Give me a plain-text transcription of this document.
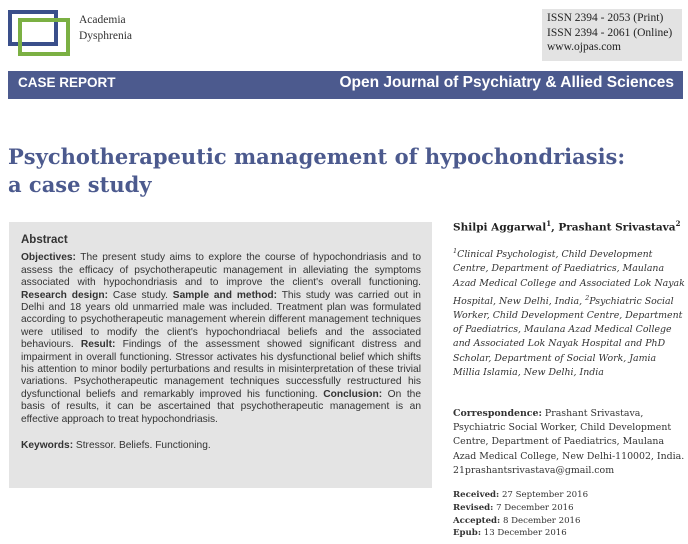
Academia
Dysphrenia
ISSN 2394 - 2053 (Print)
ISSN 2394 - 2061 (Online)
www.ojpas.com
CASE REPORT	Open Journal of Psychiatry & Allied Sciences
Psychotherapeutic management of hypochondriasis:
a case study
Abstract
Objectives: The present study aims to explore the course of hypochondriasis and to assess the efficacy of psychotherapeutic management in alleviating the symptoms associated with hypochondriasis and to improve the client's overall functioning. Research design: Case study. Sample and method: This study was carried out in Delhi and 18 years old unmarried male was included. Treatment plan was formulated according to psychotherapeutic management wherein different management techniques were utilised to modify the client's hypochondriacal beliefs and the associated behaviours. Result: Findings of the assessment showed significant distress and impairment in overall functioning. Stressor activates his dysfunctional belief which shifts his attention to minor bodily perturbations and results in misinterpretation of these trivial variations. Psychotherapeutic management techniques successfully restructured his dysfunctional beliefs and remarkably improved his functioning. Conclusion: On the basis of results, it can be ascertained that psychotherapeutic management is an effective approach to treat hypochondriasis.
Keywords: Stressor. Beliefs. Functioning.
Shilpi Aggarwal$^1$, Prashant Srivastava$^2$
$^1$Clinical Psychologist, Child Development Centre, Department of Paediatrics, Maulana Azad Medical College and Associated Lok Nayak Hospital, New Delhi, India, $^2$Psychiatric Social Worker, Child Development Centre, Department of Paediatrics, Maulana Azad Medical College and Associated Lok Nayak Hospital and PhD Scholar, Department of Social Work, Jamia Millia Islamia, New Delhi, India
Correspondence: Prashant Srivastava, Psychiatric Social Worker, Child Development Centre, Department of Paediatrics, Maulana Azad Medical College, New Delhi-110002, India.
21prashantsrivastava@gmail.com
Received: 27 September 2016
Revised: 7 December 2016
Accepted: 8 December 2016
Epub: 13 December 2016
